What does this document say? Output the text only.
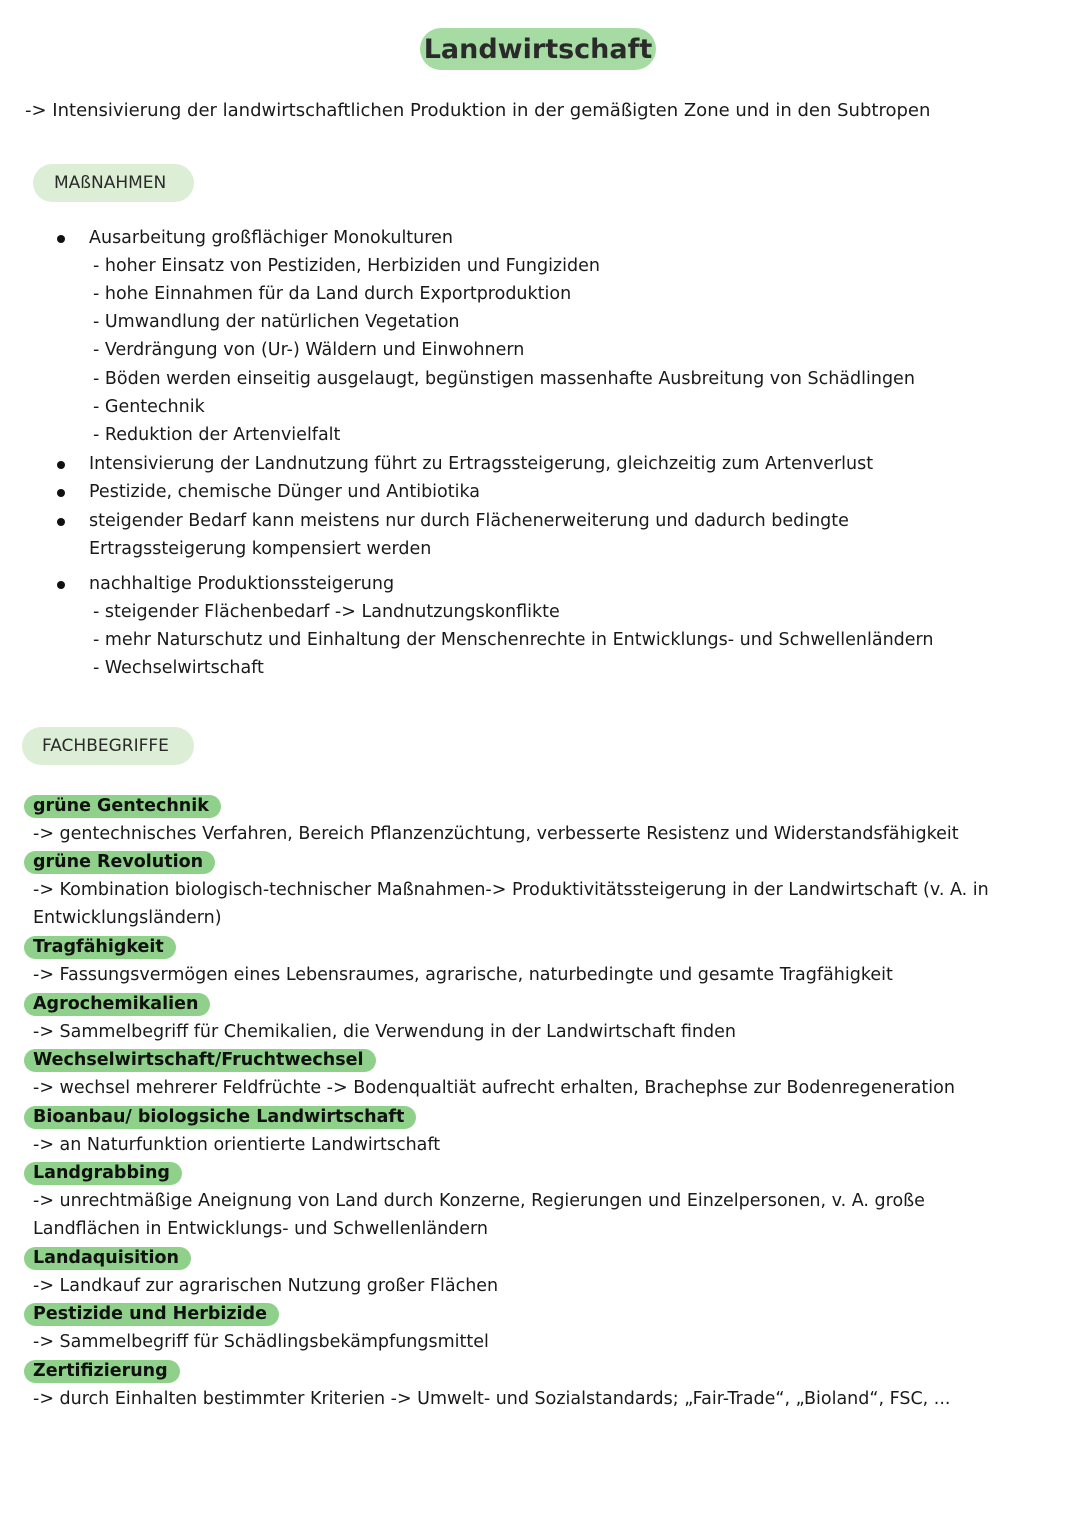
Landwirtschaft
-> Intensivierung der landwirtschaftlichen Produktion in der gemäßigten Zone und in den Subtropen
MAßNAHMEN
Ausarbeitung großflächiger Monokulturen
- hoher Einsatz von Pestiziden, Herbiziden und Fungiziden
- hohe Einnahmen für da Land durch Exportproduktion
- Umwandlung der natürlichen Vegetation
- Verdrängung von (Ur-) Wäldern und Einwohnern
- Böden werden einseitig ausgelaugt, begünstigen massenhafte Ausbreitung von Schädlingen
- Gentechnik
- Reduktion der Artenvielfalt
Intensivierung der Landnutzung führt zu Ertragssteigerung, gleichzeitig zum Artenverlust
Pestizide, chemische Dünger und Antibiotika
steigender Bedarf kann meistens nur durch Flächenerweiterung und dadurch bedingte
Ertragssteigerung kompensiert werden
nachhaltige Produktionssteigerung
- steigender Flächenbedarf -> Landnutzungskonflikte
- mehr Naturschutz und Einhaltung der Menschenrechte in Entwicklungs- und Schwellenländern
- Wechselwirtschaft
FACHBEGRIFFE
grüne Gentechnik
-> gentechnisches Verfahren, Bereich Pflanzenzüchtung, verbesserte Resistenz und Widerstandsfähigkeit
grüne Revolution
-> Kombination biologisch-technischer Maßnahmen-> Produktivitätssteigerung in der Landwirtschaft (v. A. in
Entwicklungsländern)
Tragfähigkeit
-> Fassungsvermögen eines Lebensraumes, agrarische, naturbedingte und gesamte Tragfähigkeit
Agrochemikalien
-> Sammelbegriff für Chemikalien, die Verwendung in der Landwirtschaft finden
Wechselwirtschaft/Fruchtwechsel
-> wechsel mehrerer Feldfrüchte -> Bodenqualtiät aufrecht erhalten, Brachephse zur Bodenregeneration
Bioanbau/ biologsiche Landwirtschaft
-> an Naturfunktion orientierte Landwirtschaft
Landgrabbing
-> unrechtmäßige Aneignung von Land durch Konzerne, Regierungen und Einzelpersonen, v. A. große
Landflächen in Entwicklungs- und Schwellenländern
Landaquisition
-> Landkauf zur agrarischen Nutzung großer Flächen
Pestizide und Herbizide
-> Sammelbegriff für Schädlingsbekämpfungsmittel
Zertifizierung
-> durch Einhalten bestimmter Kriterien -> Umwelt- und Sozialstandards; „Fair-Trade“, „Bioland“, FSC, ...
